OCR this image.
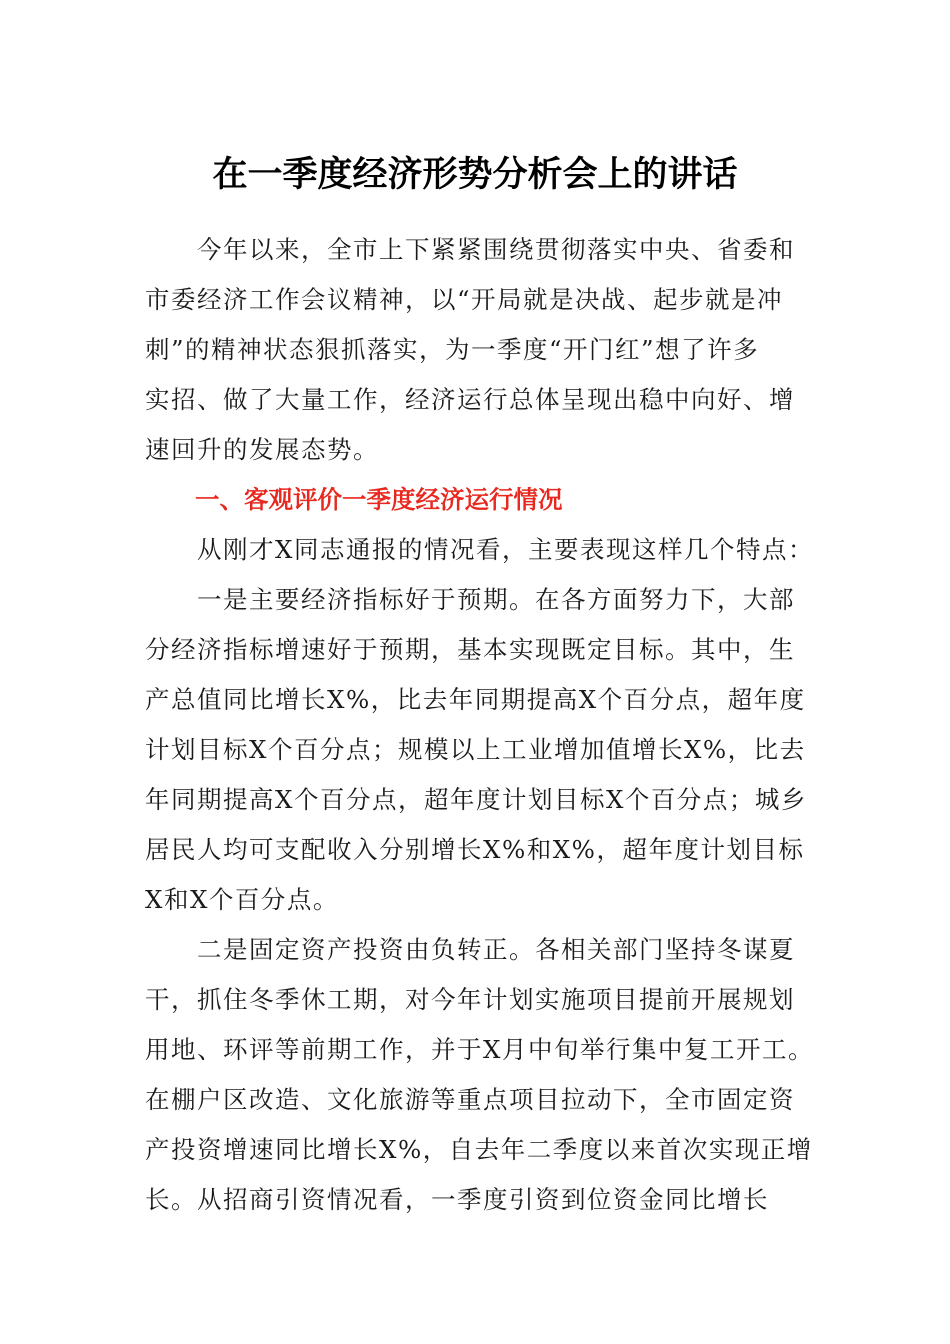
在一季度经济形势分析会上的讲话

　　今年以来，全市上下紧紧围绕贯彻落实中央、省委和
市委经济工作会议精神，以“开局就是决战、起步就是冲
刺”的精神状态狠抓落实，为一季度“开门红”想了许多
实招、做了大量工作，经济运行总体呈现出稳中向好、增
速回升的发展态势。

一、客观评价一季度经济运行情况

　　从刚才X同志通报的情况看，主要表现这样几个特点：

　　一是主要经济指标好于预期。在各方面努力下，大部
分经济指标增速好于预期，基本实现既定目标。其中，生
产总值同比增长X%，比去年同期提高X个百分点，超年度
计划目标X个百分点；规模以上工业增加值增长X%，比去
年同期提高X个百分点，超年度计划目标X个百分点；城乡
居民人均可支配收入分别增长X%和X%，超年度计划目标
X和X个百分点。

　　二是固定资产投资由负转正。各相关部门坚持冬谋夏
干，抓住冬季休工期，对今年计划实施项目提前开展规划
用地、环评等前期工作，并于X月中旬举行集中复工开工。
在棚户区改造、文化旅游等重点项目拉动下，全市固定资
产投资增速同比增长X%，自去年二季度以来首次实现正增
长。从招商引资情况看，一季度引资到位资金同比增长
